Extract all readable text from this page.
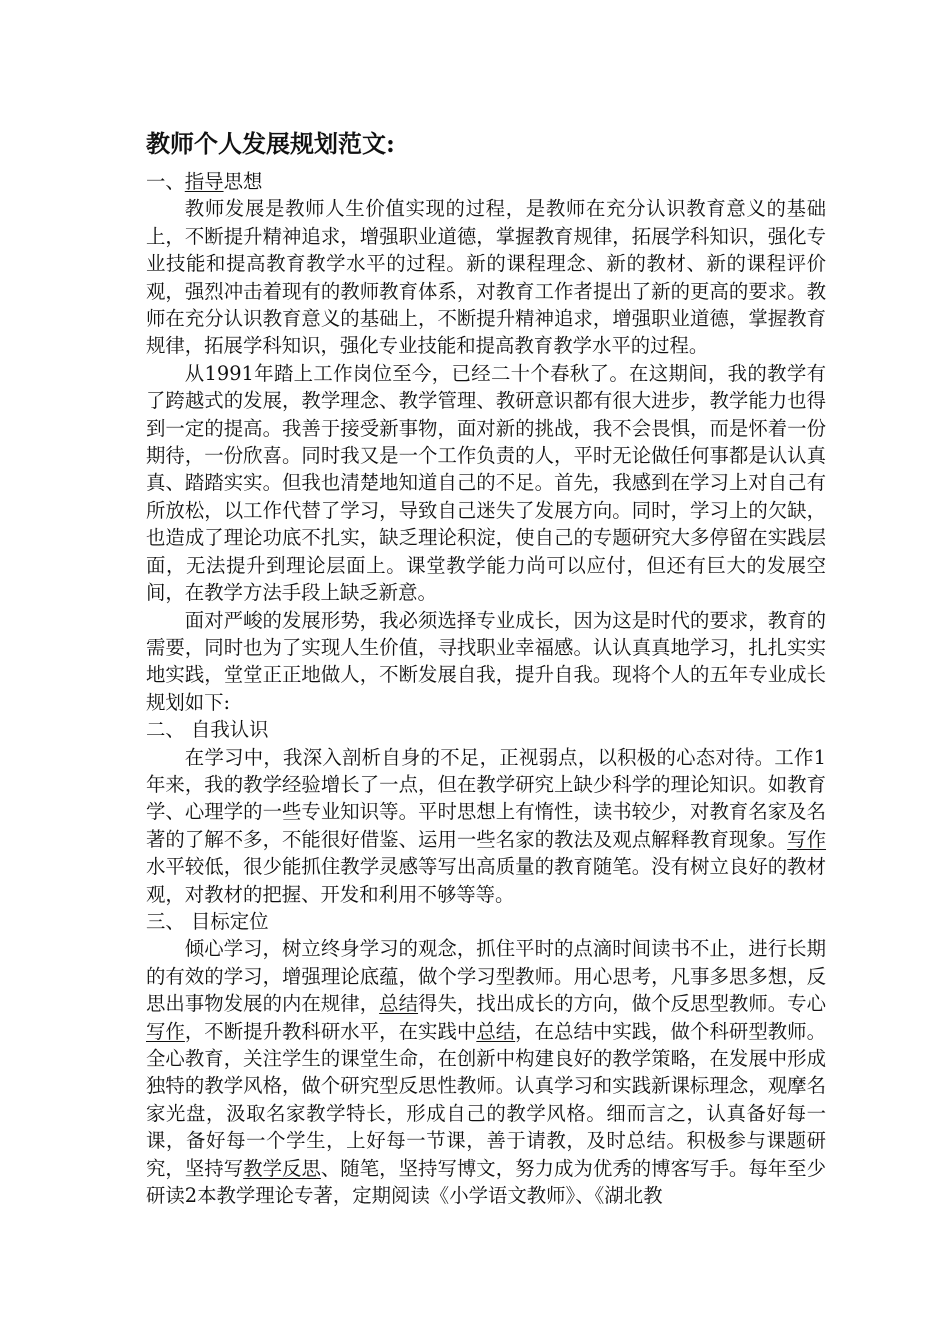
教师个人发展规划范文:

一、指导思想

教师发展是教师人生价值实现的过程，是教师在充分认识教育意义的基础上，不断提升精神追求，增强职业道德，掌握教育规律，拓展学科知识，强化专业技能和提高教育教学水平的过程。新的课程理念、新的教材、新的课程评价观，强烈冲击着现有的教师教育体系，对教育工作者提出了新的更高的要求。教师在充分认识教育意义的基础上，不断提升精神追求，增强职业道德，掌握教育规律，拓展学科知识，强化专业技能和提高教育教学水平的过程。

从1991年踏上工作岗位至今，已经二十个春秋了。在这期间，我的教学有了跨越式的发展，教学理念、教学管理、教研意识都有很大进步，教学能力也得到一定的提高。我善于接受新事物，面对新的挑战，我不会畏惧，而是怀着一份期待，一份欣喜。同时我又是一个工作负责的人，平时无论做任何事都是认认真真、踏踏实实。但我也清楚地知道自己的不足。首先，我感到在学习上对自己有所放松，以工作代替了学习，导致自己迷失了发展方向。同时，学习上的欠缺，也造成了理论功底不扎实，缺乏理论积淀，使自己的专题研究大多停留在实践层面，无法提升到理论层面上。课堂教学能力尚可以应付，但还有巨大的发展空间，在教学方法手段上缺乏新意。

面对严峻的发展形势，我必须选择专业成长，因为这是时代的要求，教育的需要，同时也为了实现人生价值，寻找职业幸福感。认认真真地学习，扎扎实实地实践，堂堂正正地做人，不断发展自我，提升自我。现将个人的五年专业成长规划如下:

二、 自我认识

在学习中，我深入剖析自身的不足，正视弱点，以积极的心态对待。工作1年来，我的教学经验增长了一点，但在教学研究上缺少科学的理论知识。如教育学、心理学的一些专业知识等。平时思想上有惰性，读书较少，对教育名家及名著的了解不多，不能很好借鉴、运用一些名家的教法及观点解释教育现象。写作水平较低，很少能抓住教学灵感等写出高质量的教育随笔。没有树立良好的教材观，对教材的把握、开发和利用不够等等。

三、 目标定位

倾心学习，树立终身学习的观念，抓住平时的点滴时间读书不止，进行长期的有效的学习，增强理论底蕴，做个学习型教师。用心思考，凡事多思多想，反思出事物发展的内在规律，总结得失，找出成长的方向，做个反思型教师。专心写作，不断提升教科研水平，在实践中总结，在总结中实践，做个科研型教师。全心教育，关注学生的课堂生命，在创新中构建良好的教学策略，在发展中形成独特的教学风格，做个研究型反思性教师。认真学习和实践新课标理念，观摩名家光盘，汲取名家教学特长，形成自己的教学风格。细而言之，认真备好每一课，备好每一个学生，上好每一节课，善于请教，及时总结。积极参与课题研究，坚持写教学反思、随笔，坚持写博文，努力成为优秀的博客写手。每年至少研读2本教学理论专著，定期阅读《小学语文教师》、《湖北教
